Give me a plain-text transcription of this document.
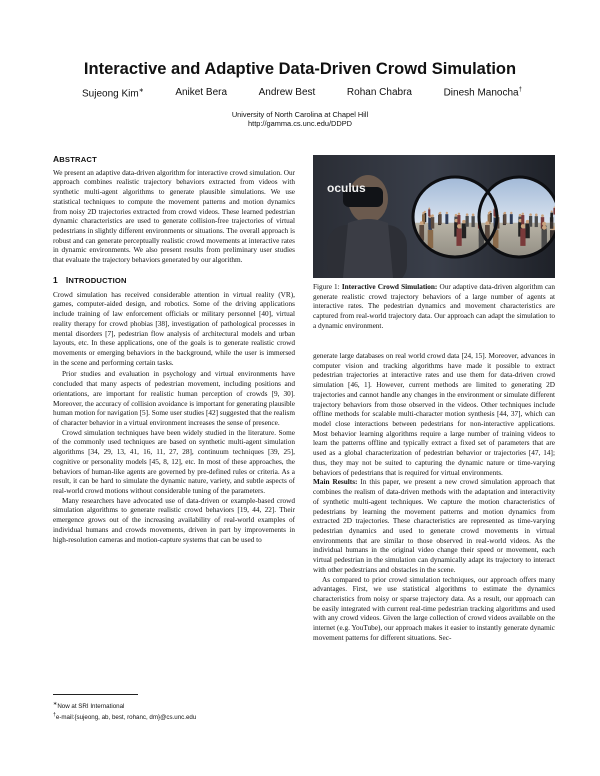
Interactive and Adaptive Data-Driven Crowd Simulation
Sujeong Kim∗	Aniket Bera	Andrew Best	Rohan Chabra	Dinesh Manocha†
University of North Carolina at Chapel Hill
http://gamma.cs.unc.edu/DDPD
ABSTRACT

We present an adaptive data-driven algorithm for interactive crowd simulation. Our approach combines realistic trajectory behaviors extracted from videos with synthetic multi-agent algorithms to generate plausible simulations. We use statistical techniques to compute the movement patterns and motion dynamics from noisy 2D trajectories extracted from crowd videos. These learned pedestrian dynamic characteristics are used to generate collision-free trajectories of virtual pedestrians in slightly different environments or situations. The overall approach is robust and can generate perceptually realistic crowd movements at interactive rates in dynamic environments. We also present results from preliminary user studies that evaluate the trajectory behaviors generated by our algorithm.

1 INTRODUCTION

Crowd simulation has received considerable attention in virtual reality (VR), games, computer-aided design, and robotics. Some of the driving applications include training of law enforcement officials or military personnel [40], virtual reality therapy for crowd phobias [38], investigation of pathological processes in mental disorders [7], pedestrian flow analysis of architectural models and urban layouts, etc. In these applications, one of the goals is to generate realistic crowd movements or emerging behaviors in the background, while the user is immersed in the scene and performing certain tasks.

Prior studies and evaluation in psychology and virtual environments have concluded that many aspects of pedestrian movement, including positions and orientations, are important for realistic human perception of crowds [9, 30]. Moreover, the accuracy of collision avoidance is important for generating plausible human motion for navigation [5]. Some user studies [42] suggested that the realism of character behavior in a virtual environment increases the sense of presence.

Crowd simulation techniques have been widely studied in the literature. Some of the commonly used techniques are based on synthetic multi-agent simulation algorithms [34, 29, 13, 41, 16, 11, 27, 28], continuum techniques [39, 25], cognitive or personality models [45, 8, 12], etc. In most of these approaches, the behaviors of human-like agents are governed by pre-defined rules or criteria. As a result, it can be hard to simulate the dynamic nature, variety, and subtle aspects of real-world crowd motions without considerable tuning of the parameters.

Many researchers have advocated use of data-driven or example-based crowd simulation algorithms to generate realistic crowd behaviors [19, 44, 22]. Their emergence grows out of the increasing availability of real-world examples of individual humans and crowds movements, driven in part by improvements in high-resolution cameras and motion-capture systems that can be used to

∗Now at SRI International
†e-mail:{sujeong, ab, best, rohanc, dm}@cs.unc.edu
oculus
Figure 1: Interactive Crowd Simulation: Our adaptive data-driven algorithm can generate realistic crowd trajectory behaviors of a large number of agents at interactive rates. The pedestrian dynamics and movement characteristics are captured from real-world trajectory data. Our approach can adapt the simulation to a dynamic environment.

generate large databases on real world crowd data [24, 15]. Moreover, advances in computer vision and tracking algorithms have made it possible to extract pedestrian trajectories at interactive rates and use them for data-driven crowd simulation [46, 1]. However, current methods are limited to generating 2D trajectories and cannot handle any changes in the environment or simulate different trajectory behaviors from those observed in the videos. Other techniques include offline methods for scalable multi-character motion synthesis [44, 37], which can model close interactions between pedestrians for non-interactive applications. Most behavior learning algorithms require a large number of training videos to learn the patterns offline and typically extract a fixed set of parameters that are used as a global characterization of pedestrian behavior or trajectories [47, 14]; thus, they may not be suited to capturing the dynamic nature or time-varying behaviors of pedestrians that is required for virtual environments.

Main Results: In this paper, we present a new crowd simulation approach that combines the realism of data-driven methods with the adaptation and interactivity of synthetic multi-agent techniques. We capture the motion characteristics of pedestrians by learning the movement patterns and motion dynamics from extracted 2D trajectories. These characteristics are represented as time-varying pedestrian dynamics and used to generate crowd movements in virtual environments that are similar to those observed in real-world videos. As the individual humans in the original video change their speed or movement, each virtual pedestrian in the simulation can dynamically adapt its trajectory to interact with other pedestrians and obstacles in the scene.

As compared to prior crowd simulation techniques, our approach offers many advantages. First, we use statistical algorithms to estimate the dynamics characteristics from noisy or sparse trajectory data. As a result, our approach can be easily integrated with current real-time pedestrian tracking algorithms and used with any crowd videos. Given the large collection of crowd videos available on the internet (e.g. YouTube), our approach makes it easier to instantly generate dynamic movement patterns for different situations. Sec-
